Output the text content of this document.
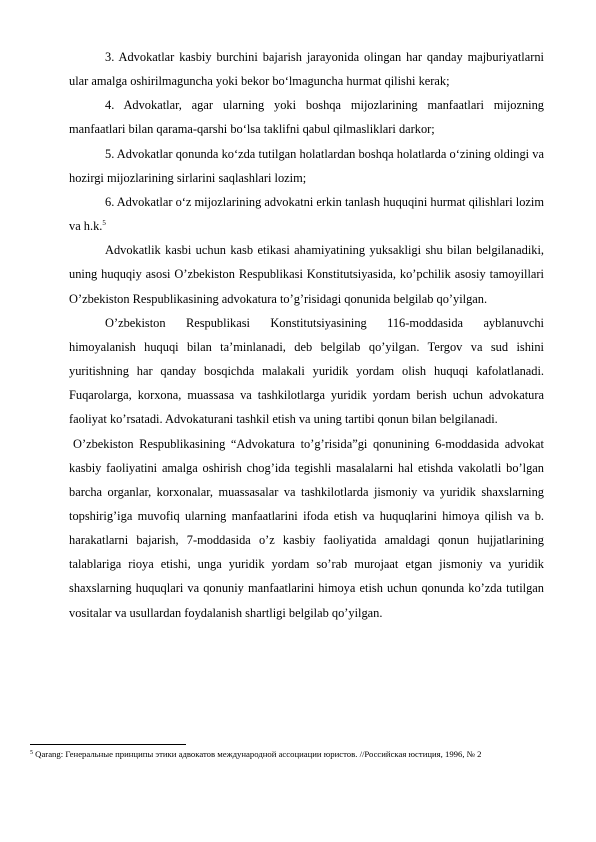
3. Advokatlar kasbiy burchini bajarish jarayonida olingan har qanday majburiyatlarni ular amalga oshirilmaguncha yoki bekor bo‘lmaguncha hurmat qilishi kerak;

4. Advokatlar, agar ularning yoki boshqa mijozlarining manfaatlari mijozning manfaatlari bilan qarama-qarshi bo‘lsa taklifni qabul qilmasliklari darkor;

5. Advokatlar qonunda ko‘zda tutilgan holatlardan boshqa holatlarda o‘zining oldingi va hozirgi mijozlarining sirlarini saqlashlari lozim;

6. Advokatlar o‘z mijozlarining advokatni erkin tanlash huquqini hurmat qilishlari lozim va h.k.$^5$

Advokatlik kasbi uchun kasb etikasi ahamiyatining yuksakligi shu bilan belgilanadiki, uning huquqiy asosi O’zbekiston Respublikasi Konstitutsiyasida, ko’pchilik asosiy tamoyillari O’zbekiston Respublikasining advokatura to’g’risidagi qonunida belgilab qo’yilgan.

O’zbekiston Respublikasi Konstitutsiyasining 116-moddasida ayblanuvchi himoyalanish huquqi bilan ta’minlanadi, deb belgilab qo’yilgan. Tergov va sud ishini yuritishning har qanday bosqichda malakali yuridik yordam olish huquqi kafolatlanadi. Fuqarolarga, korxona, muassasa va tashkilotlarga yuridik yordam berish uchun advokatura faoliyat ko’rsatadi. Advokaturani tashkil etish va uning tartibi qonun bilan belgilanadi.

O’zbekiston Respublikasining “Advokatura to’g’risida”gi qonunining 6-moddasida advokat kasbiy faoliyatini amalga oshirish chog’ida tegishli masalalarni hal etishda vakolatli bo’lgan barcha organlar, korxonalar, muassasalar va tashkilotlarda jismoniy va yuridik shaxslarning topshirig’iga muvofiq ularning manfaatlarini ifoda etish va huquqlarini himoya qilish va b. harakatlarni bajarish, 7-moddasida o’z kasbiy faoliyatida amaldagi qonun hujjatlarining talablariga rioya etishi, unga yuridik yordam so’rab murojaat etgan jismoniy va yuridik shaxslarning huquqlari va qonuniy manfaatlarini himoya etish uchun qonunda ko’zda tutilgan vositalar va usullardan foydalanish shartligi belgilab qo’yilgan.

$^5$ Qarang: Генеральные принципы этики адвокатов международной ассоциации юристов. //Российская юстиция, 1996, № 2
